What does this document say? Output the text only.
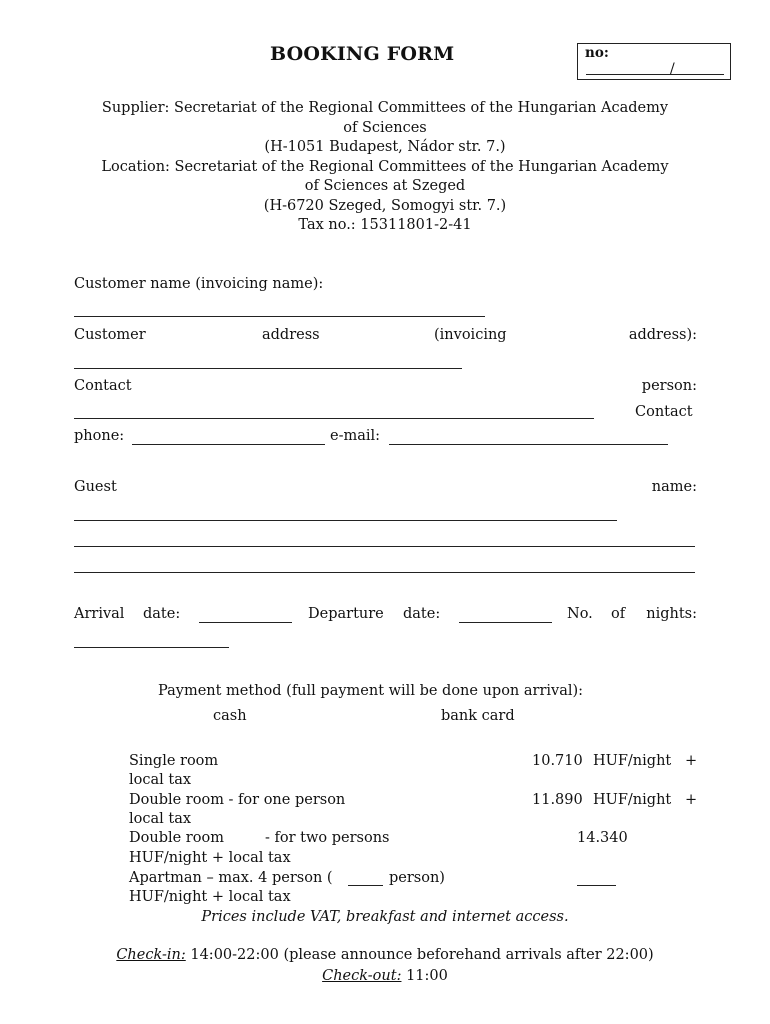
BOOKING FORM	no:
/
Supplier: Secretariat of the Regional Committees of the Hungarian Academy
of Sciences
(H-1051 Budapest, Nádor str. 7.)
Location: Secretariat of the Regional Committees of the Hungarian Academy
of Sciences at Szeged
(H-6720 Szeged, Somogyi str. 7.)
Tax no.: 15311801-2-41
Customer name (invoicing name):
Customer	address	(invoicing	address):
Contact	person:
Contact
phone:	e-mail:
Guest	name:
Arrival date:	Departure date:	No. of nights:
Payment method (full payment will be done upon arrival):
cash	bank card
Single room	10.710 HUF/night +
local tax
Double room - for one person	11.890 HUF/night +
local tax
Double room	- for two persons	14.340
HUF/night + local tax
Apartman – max. 4 person (	person)
HUF/night + local tax
Prices include VAT, breakfast and internet access.
Check-in: 14:00-22:00 (please announce beforehand arrivals after 22:00)
Check-out: 11:00
